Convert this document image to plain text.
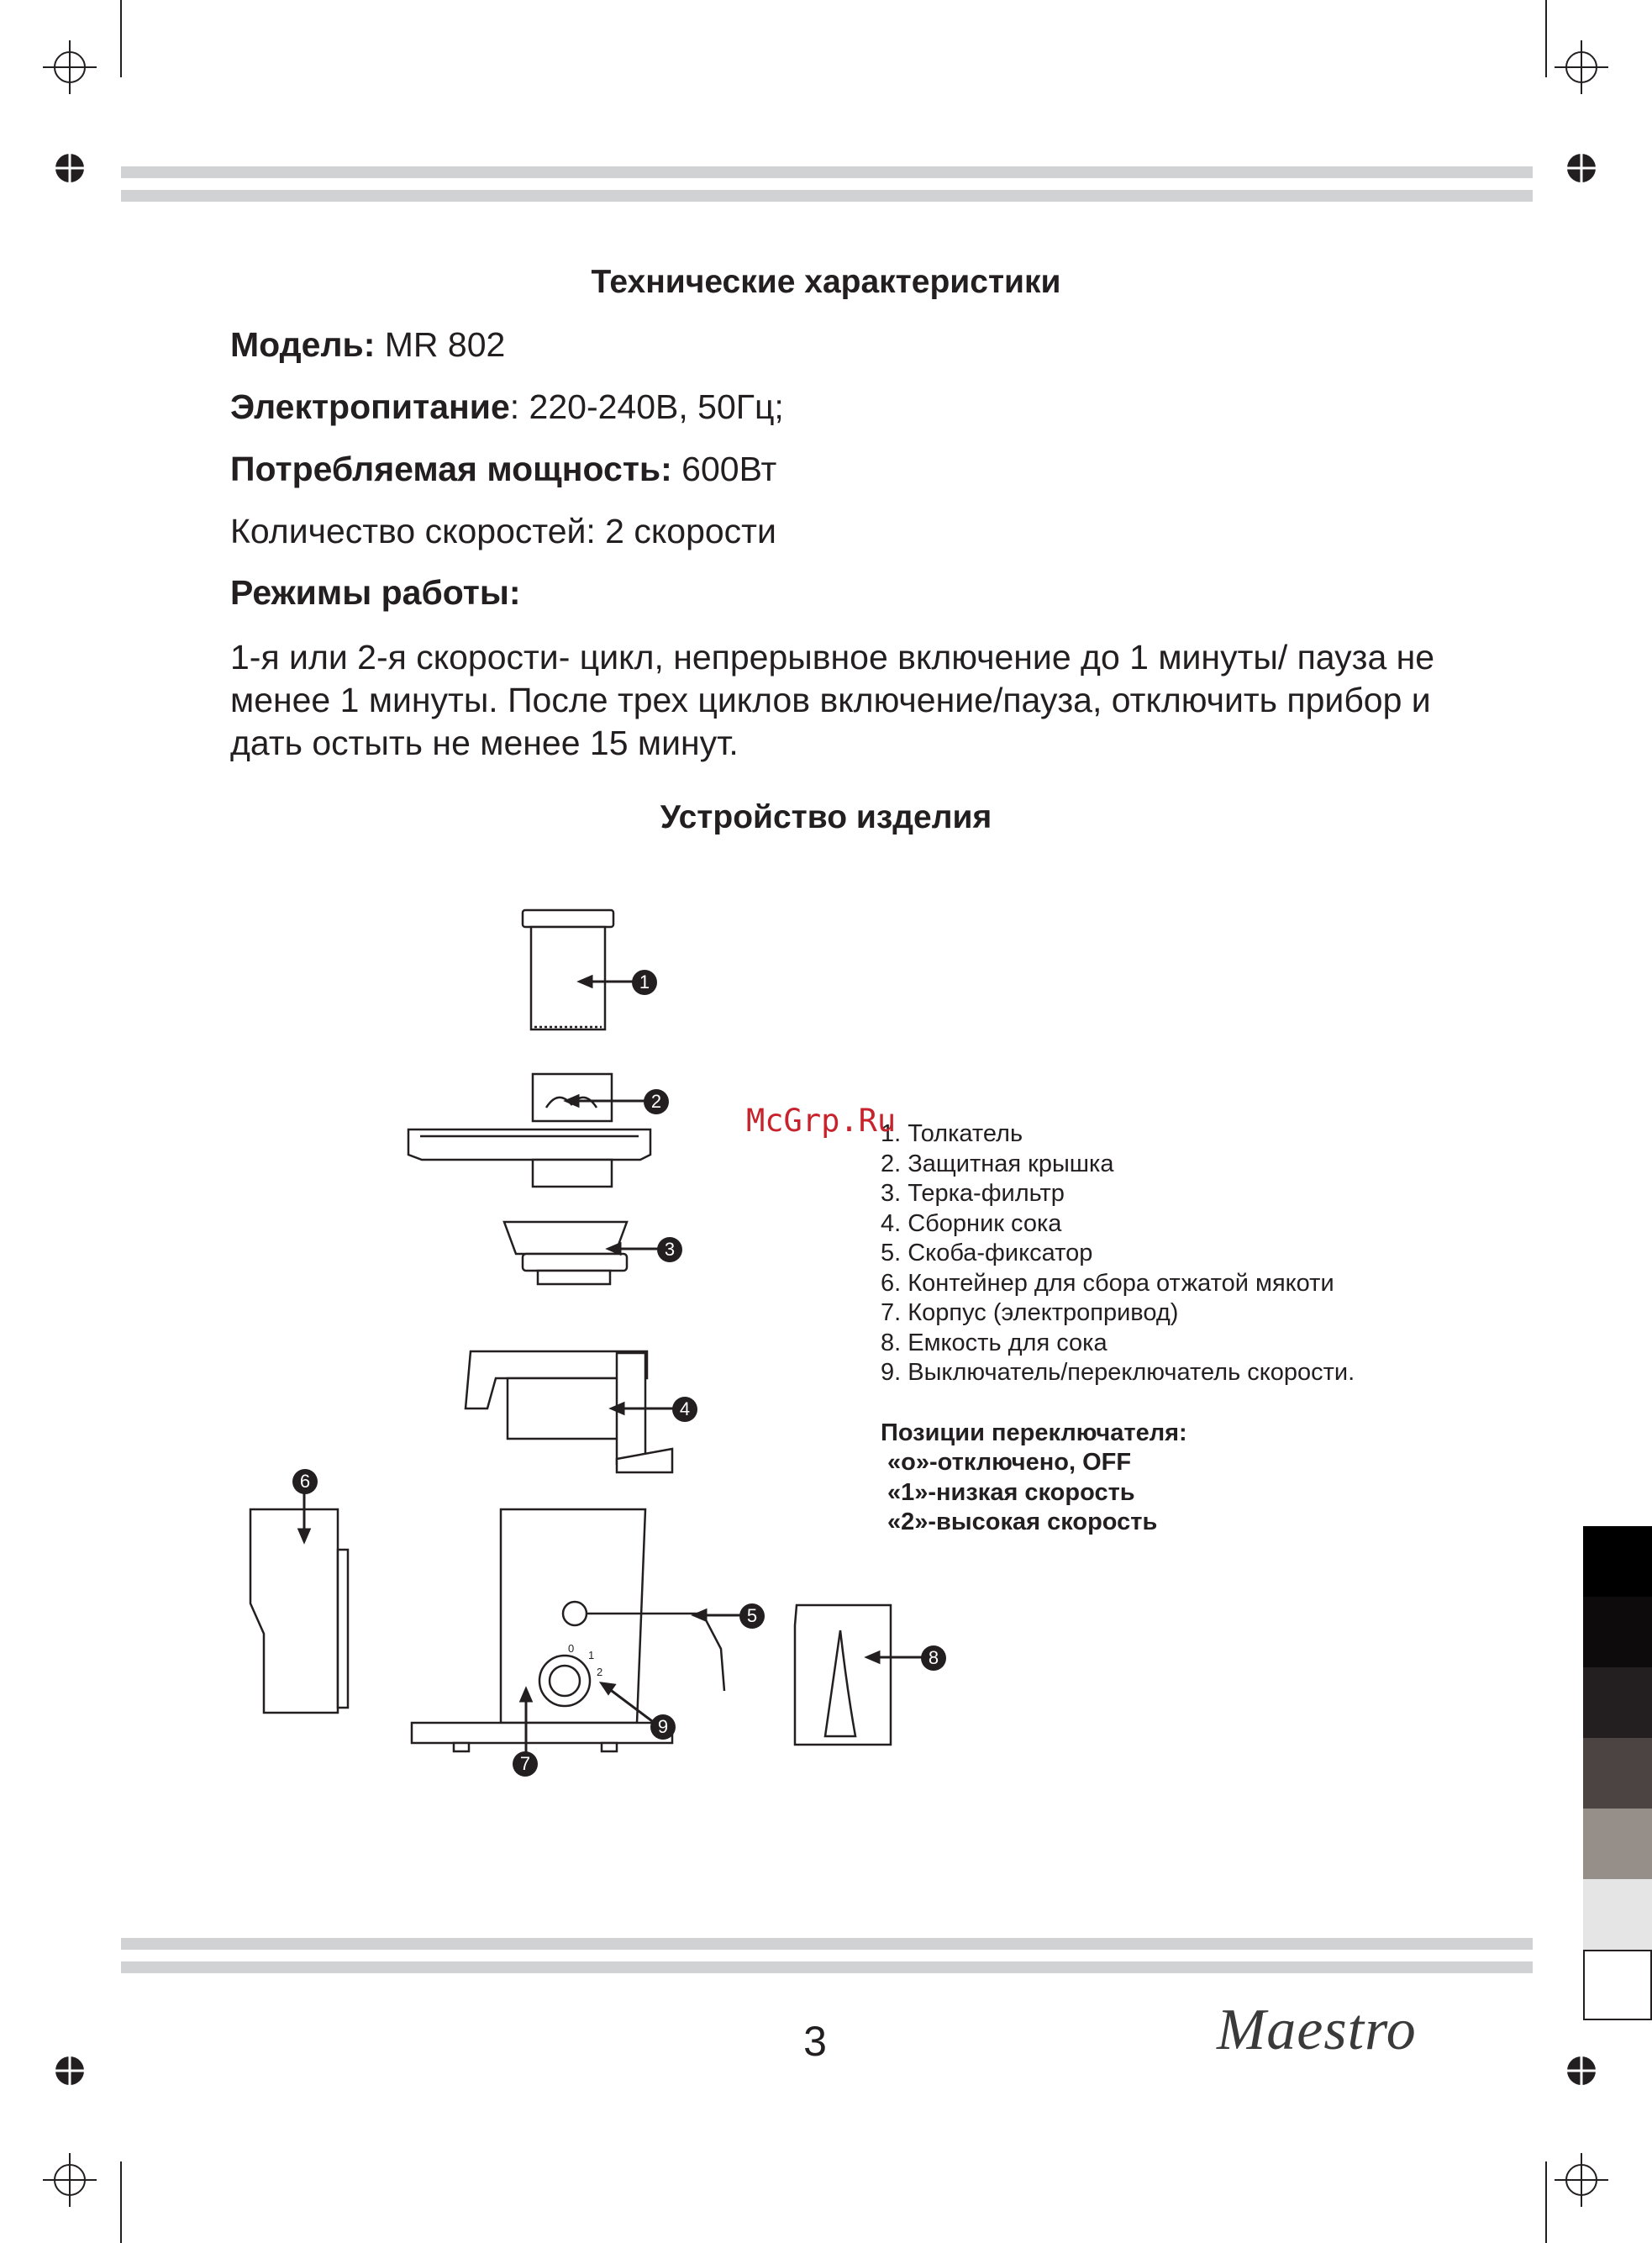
Технические характеристики
Модель: MR 802
Электропитание: 220-240В, 50Гц;
Потребляемая мощность: 600Вт
Количество скоростей: 2 скорости
Режимы работы:
1-я или 2-я скорости- цикл, непрерывное включение до 1 минуты/ пауза не менее 1 минуты. После трех циклов включение/пауза, отключить прибор и дать остыть не менее 15 минут.
Устройство изделия
1
2
3
4
5
6
7
8
9
0
1
2
1. Толкатель
2. Защитная крышка
3. Терка-фильтр
4. Сборник сока
5. Скоба-фиксатор
6. Контейнер для сбора отжатой мякоти
7. Корпус (электропривод)
8. Емкость для сока
9. Выключатель/переключатель скорости.
Позиции переключателя:
«о»-отключено, OFF
«1»-низкая скорость
«2»-высокая скорость
McGrp.Ru
3	Maestro
